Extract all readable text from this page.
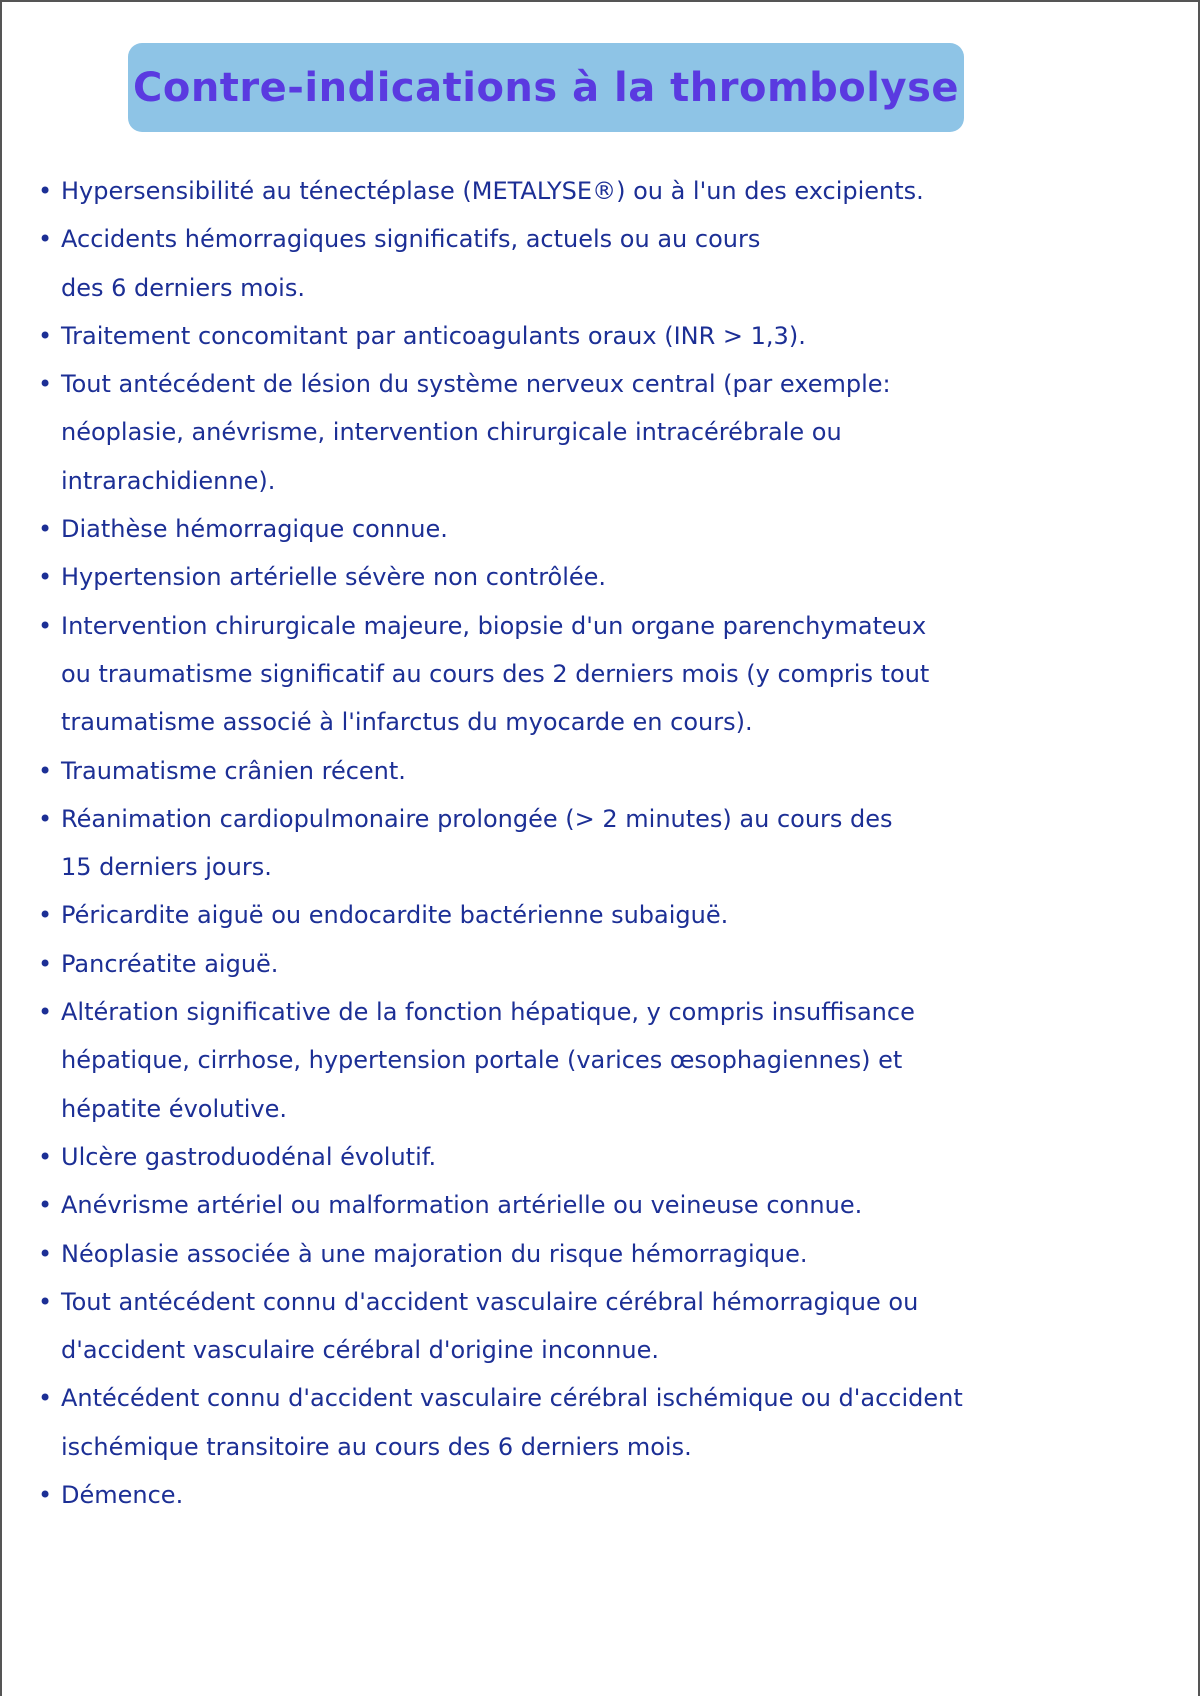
Contre-indications à la thrombolyse
• Hypersensibilité au ténectéplase (METALYSE®) ou à l'un des excipients.
• Accidents hémorragiques significatifs, actuels ou au cours
des 6 derniers mois.
• Traitement concomitant par anticoagulants oraux (INR > 1,3).
• Tout antécédent de lésion du système nerveux central (par exemple:
néoplasie, anévrisme, intervention chirurgicale intracérébrale ou
intrarachidienne).
• Diathèse hémorragique connue.
• Hypertension artérielle sévère non contrôlée.
• Intervention chirurgicale majeure, biopsie d'un organe parenchymateux
ou traumatisme significatif au cours des 2 derniers mois (y compris tout
traumatisme associé à l'infarctus du myocarde en cours).
• Traumatisme crânien récent.
• Réanimation cardiopulmonaire prolongée (> 2 minutes) au cours des
15 derniers jours.
• Péricardite aiguë ou endocardite bactérienne subaiguë.
• Pancréatite aiguë.
• Altération significative de la fonction hépatique, y compris insuffisance
hépatique, cirrhose, hypertension portale (varices œsophagiennes) et
hépatite évolutive.
• Ulcère gastroduodénal évolutif.
• Anévrisme artériel ou malformation artérielle ou veineuse connue.
• Néoplasie associée à une majoration du risque hémorragique.
• Tout antécédent connu d'accident vasculaire cérébral hémorragique ou
d'accident vasculaire cérébral d'origine inconnue.
• Antécédent connu d'accident vasculaire cérébral ischémique ou d'accident
ischémique transitoire au cours des 6 derniers mois.
• Démence.
